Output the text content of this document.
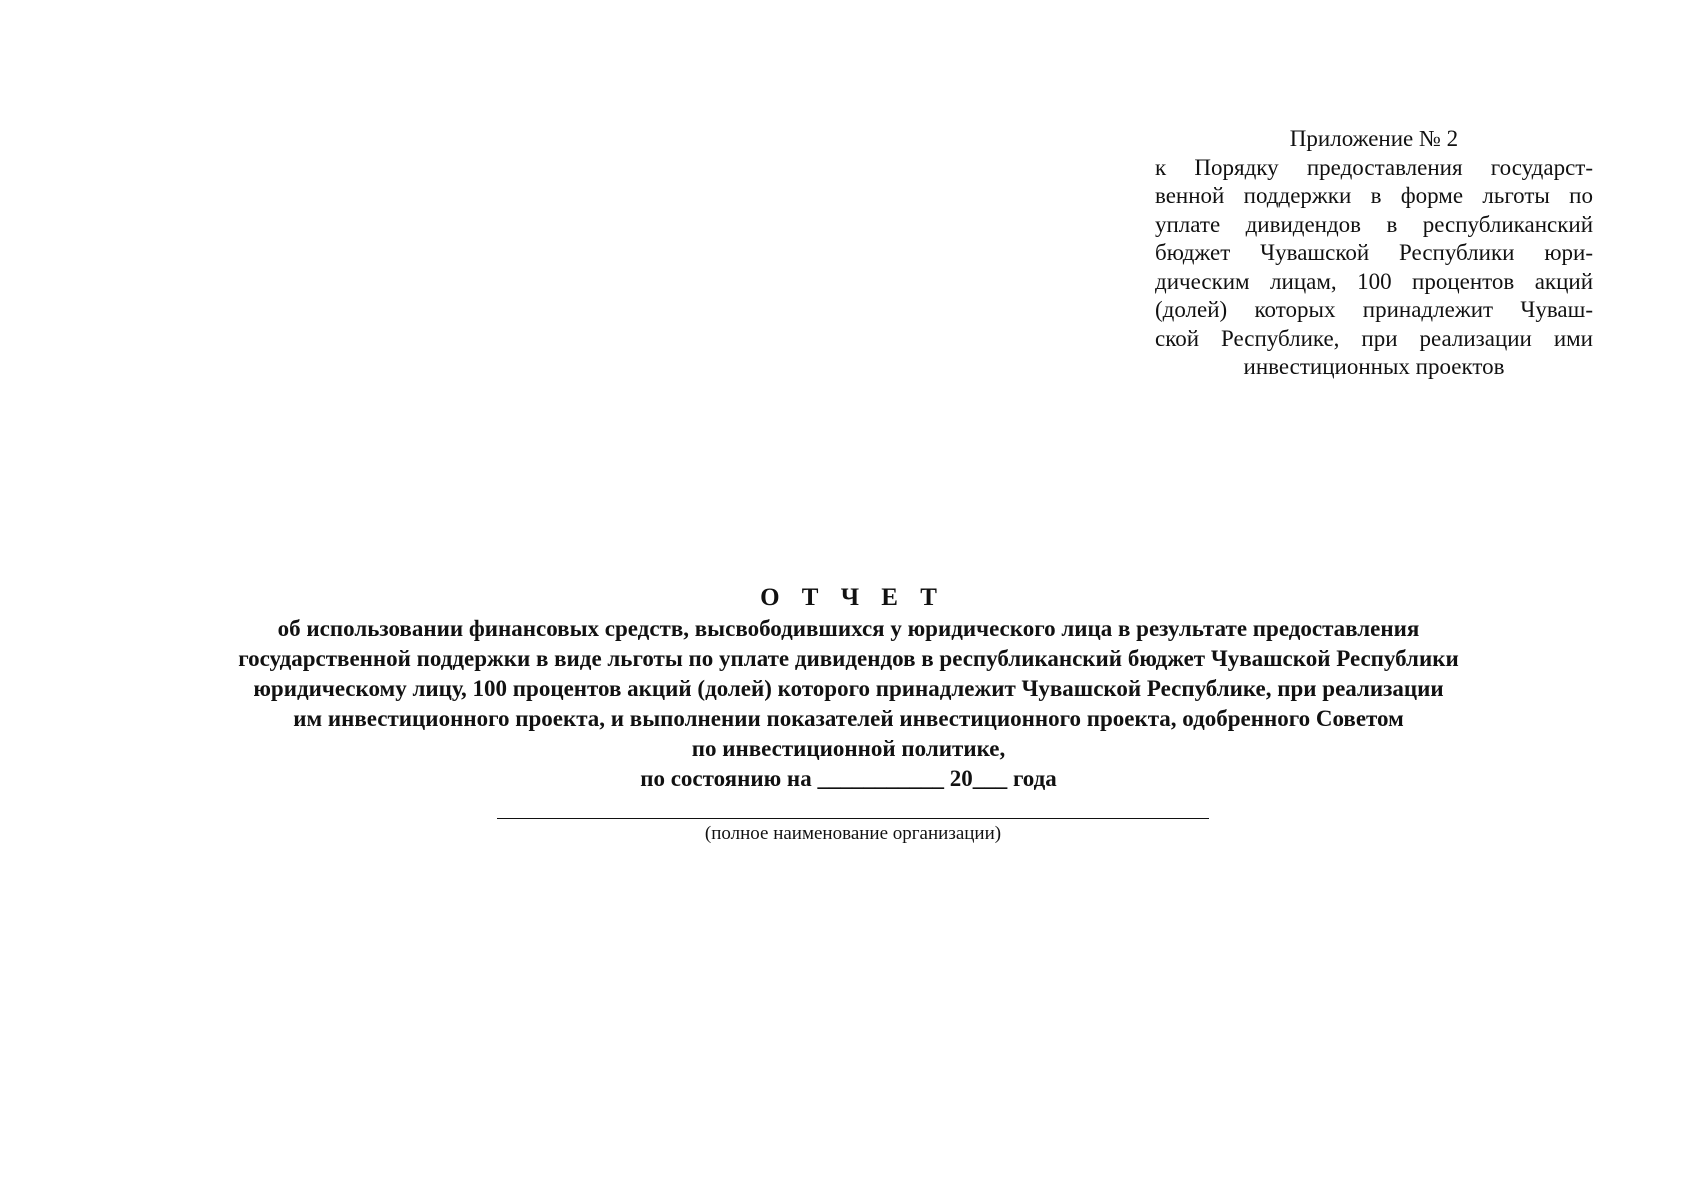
Приложение № 2
к Порядку предоставления государст-
венной поддержки в форме льготы по
уплате дивидендов в республиканский
бюджет Чувашской Республики юри-
дическим лицам, 100 процентов акций
(долей) которых принадлежит Чуваш-
ской Республике, при реализации ими
инвестиционных проектов
О Т Ч Е Т
об использовании финансовых средств, высвободившихся у юридического лица в результате предоставления
государственной поддержки в виде льготы по уплате дивидендов в республиканский бюджет Чувашской Республики
юридическому лицу, 100 процентов акций (долей) которого принадлежит Чувашской Республике, при реализации
им инвестиционного проекта, и выполнении показателей инвестиционного проекта, одобренного Советом
по инвестиционной политике,
по состоянию на ___________ 20___ года
(полное наименование организации)
